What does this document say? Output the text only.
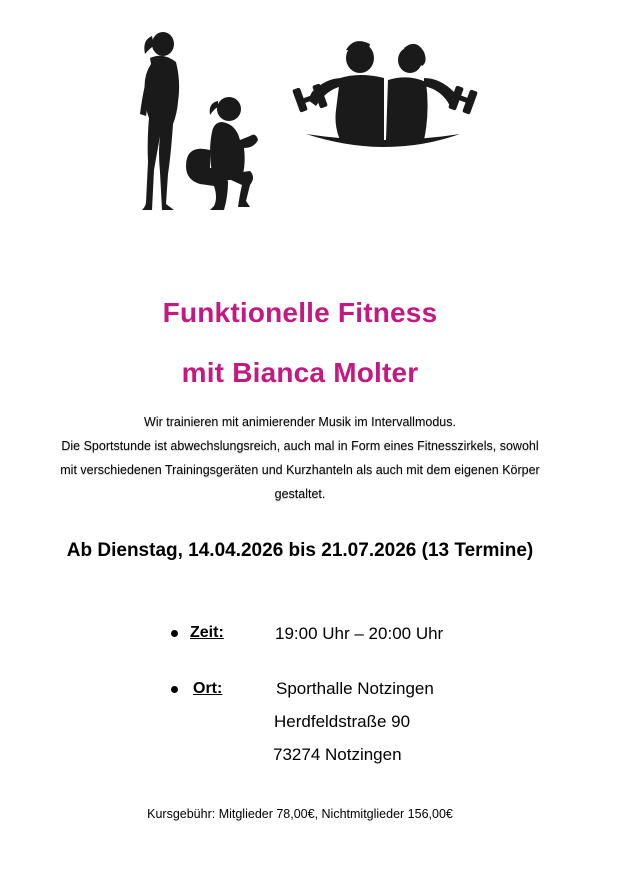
Funktionelle Fitness
mit Bianca Molter
Wir trainieren mit animierender Musik im Intervallmodus.
Die Sportstunde ist abwechslungsreich, auch mal in Form eines Fitnesszirkels, sowohl
mit verschiedenen Trainingsgeräten und Kurzhanteln als auch mit dem eigenen Körper
gestaltet.
Ab Dienstag, 14.04.2026 bis 21.07.2026 (13 Termine)
Zeit:	19:00 Uhr – 20:00 Uhr
Ort:	Sporthalle Notzingen
Herdfeldstraße 90
73274 Notzingen
Kursgebühr: Mitglieder 78,00€, Nichtmitglieder 156,00€
